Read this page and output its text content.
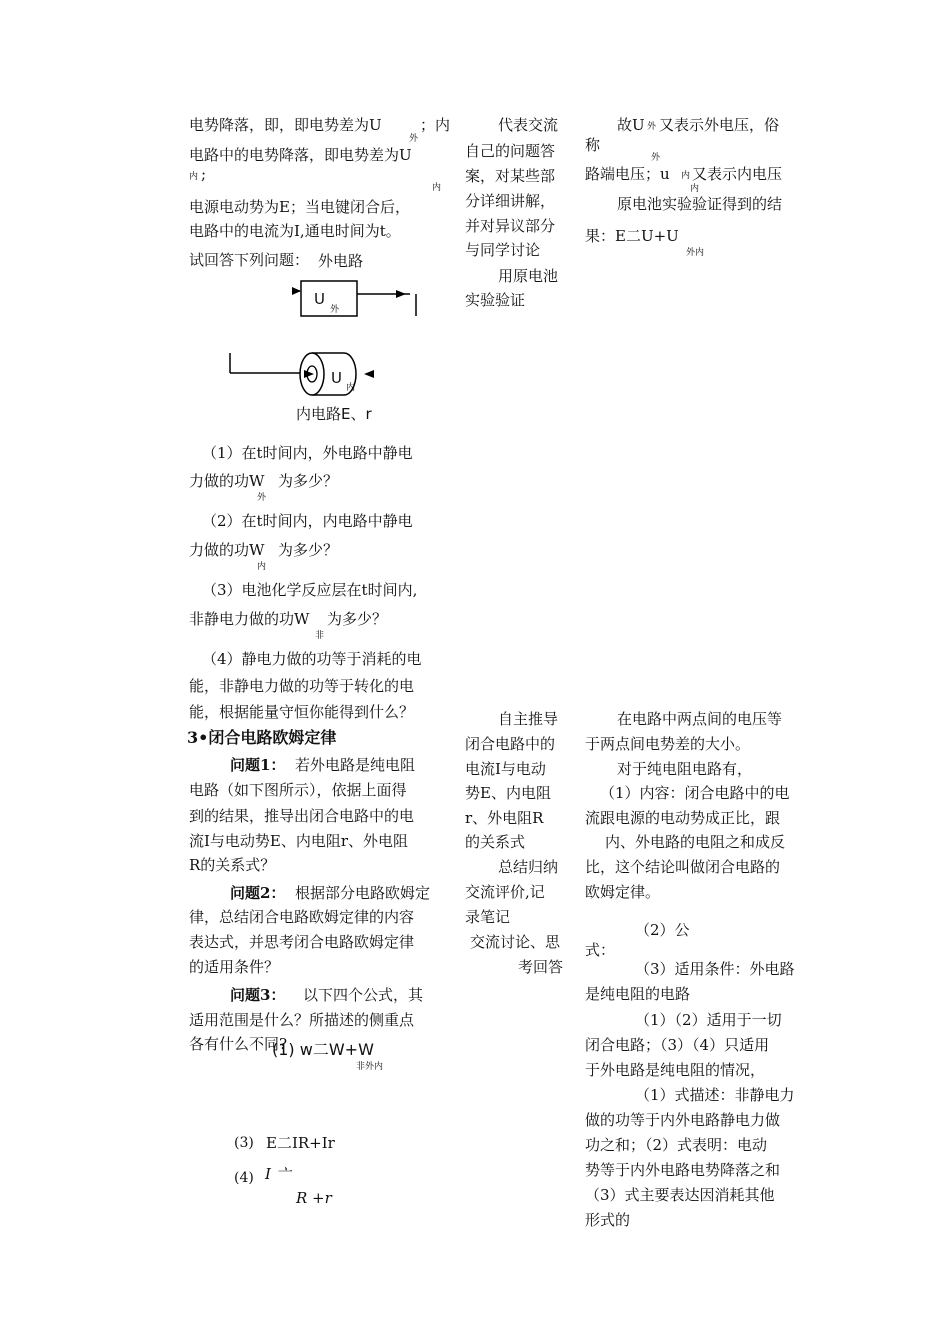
电势降落，即，即电势差为U
外
；内
电路中的电势降落，即电势差为U
内 ;
内
电源电动势为E；当电键闭合后，
电路中的电流为I,通电时间为t。
试回答下列问题： 外电路
U
外
U
内
内电路E、r
（1）在t时间内，外电路中静电
力做的功W
外
为多少？
（2）在t时间内，内电路中静电
力做的功W
内
为多少？
（3）电池化学反应层在t时间内,
非静电力做的功W
非
为多少？
（4）静电力做的功等于消耗的电
能，非静电力做的功等于转化的电
能，根据能量守恒你能得到什么？
3•闭合电路欧姆定律
问题1： 若外电路是纯电阻
电路（如下图所示），依据上面得
到的结果，推导出闭合电路中的电
流I与电动势E、内电阻r、外电阻
R的关系式？
问题2： 根据部分电路欧姆定
律，总结闭合电路欧姆定律的内容
表达式，并思考闭合电路欧姆定律
的适用条件？
问题3： 以下四个公式，其
适用范围是什么？所描述的侧重点
各有什么不同?
(1) w二W+W
非外内
(3) E二IR+Ir
(4) I 亠
R +r
代表交流
自己的问题答
案，对某些部
分详细讲解，
并对异议部分
与同学讨论
用原电池
实验验证
自主推导
闭合电路中的
电流I与电动
势E、内电阻
r、外电阻R
的关系式
总结归纳
交流评价,记
录笔记
交流讨论、思
考回答
故U 外 又表示外电压，俗
称
外
路端电压；u 内 又表示内电压
内
原电池实验验证得到的结
果：E二U+U
外内
在电路中两点间的电压等
于两点间电势差的大小。
对于纯电阻电路有，
（1）内容：闭合电路中的电
流跟电源的电动势成正比，跟
内、外电路的电阻之和成反
比，这个结论叫做闭合电路的
欧姆定律。
（2）公
式：
（3）适用条件：外电路
是纯电阻的电路
（1）（2）适用于一切
闭合电路；（3）（4）只适用
于外电路是纯电阻的情况，
（1）式描述：非静电力
做的功等于内外电路静电力做
功之和；（2）式表明：电动
势等于内外电路电势降落之和
（3）式主要表达因消耗其他
形式的
